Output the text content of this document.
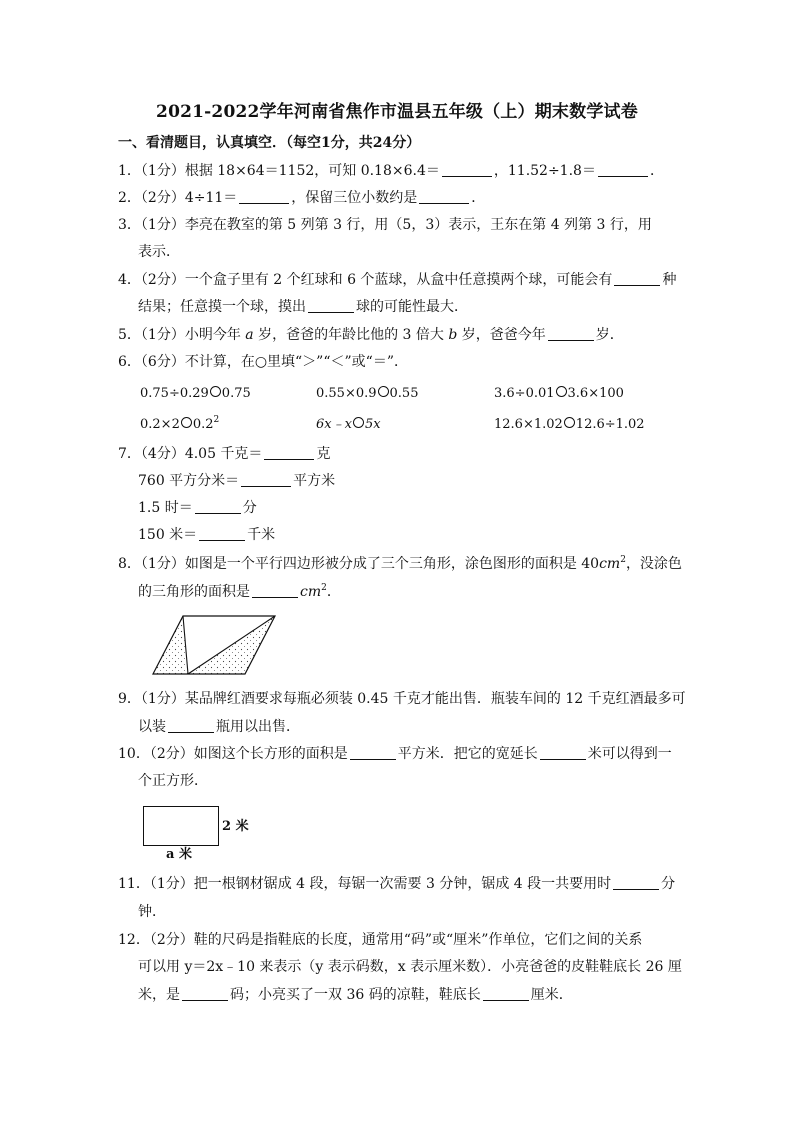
2021-2022学年河南省焦作市温县五年级（上）期末数学试卷
一、看清题目，认真填空．（每空1分，共24分）
1．（1分）根据 18×64＝1152，可知 0.18×6.4＝	，11.52÷1.8＝	．
2．（2分）4÷11＝	，保留三位小数约是	．
3．（1分）李亮在教室的第 5 列第 3 行，用（5，3）表示，王东在第 4 列第 3 行，用
表示．
4．（2分）一个盒子里有 2 个红球和 6 个蓝球，从盒中任意摸两个球，可能会有	种
结果；任意摸一个球，摸出	球的可能性最大．
5．（1分）小明今年 a 岁，爸爸的年龄比他的 3 倍大 b 岁，爸爸今年	岁．
6．（6分）不计算，在○里填“＞”“＜”或“＝”．
0.75÷0.29 0.75	0.55×0.9 0.55	3.6÷0.01 3.6×100
0.2×2 $0.2^2$	6x﹣x 5x	12.6×1.02 12.6÷1.02
7．（4分）4.05 千克＝	克
760 平方分米＝	平方米
1.5 时＝	分
150 米＝	千米
8．（1分）如图是一个平行四边形被分成了三个三角形，涂色图形的面积是 $40cm^2$，没涂色
的三角形的面积是	$cm^2$．
9．（1分）某品牌红酒要求每瓶必须装 0.45 千克才能出售．瓶装车间的 12 千克红酒最多可
以装	瓶用以出售．
10．（2分）如图这个长方形的面积是	平方米．把它的宽延长	米可以得到一
个正方形．
2 米
a 米
11．（1分）把一根钢材锯成 4 段，每锯一次需要 3 分钟，锯成 4 段一共要用时	分
钟．
12．（2分）鞋的尺码是指鞋底的长度，通常用“码”或“厘米”作单位，它们之间的关系
可以用 y＝2x﹣10 来表示（y 表示码数，x 表示厘米数）．小亮爸爸的皮鞋鞋底长 26 厘
米，是	码；小亮买了一双 36 码的凉鞋，鞋底长	厘米．
